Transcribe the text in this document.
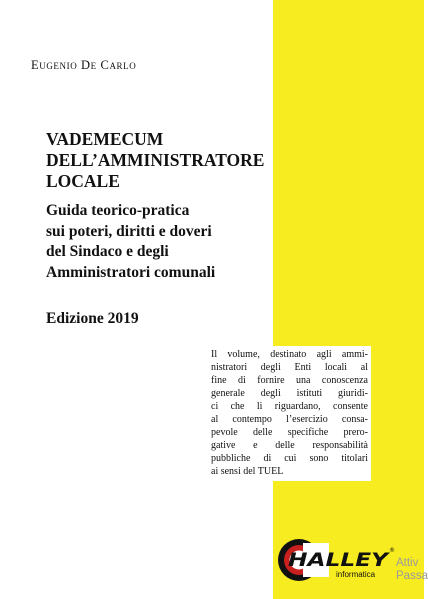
Eugenio De Carlo
VADEMECUM
DELL’AMMINISTRATORE
LOCALE
Guida teorico-pratica
sui poteri, diritti e doveri
del Sindaco e degli
Amministratori comunali
Edizione 2019
Il volume, destinato agli ammi-
nistratori degli Enti locali al
fine di fornire una conoscenza
generale degli istituti giuridi-
ci che li riguardano, consente
al contempo l’esercizio consa-
pevole delle specifiche prero-
gative e delle responsabilità
pubbliche di cui sono titolari
ai sensi del TUEL
HALLEY
®
informatica
Attiv
Passa
